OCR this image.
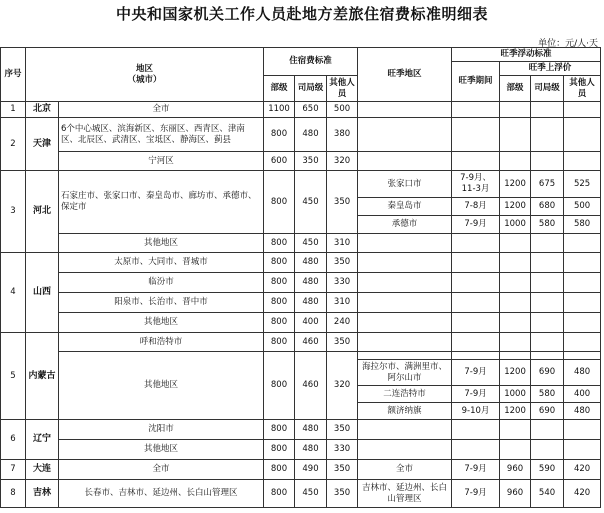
中央和国家机关工作人员赴地方差旅住宿费标准明细表
单位：元/人·天
序号	地区
（城市）		住宿费标准			旺季地区	旺季浮动标准			
							旺季期间	旺季上浮价		
			部级	司局级	其他人员			部级	司局级	其他人员
1	北京	全市	1100	650	500					
2	天津	6个中心城区、滨海新区、东丽区、西青区、津南区、北辰区、武清区、宝坻区、静海区、蓟县	800	480	380					
		宁河区	600	350	320					
3	河北	石家庄市、张家口市、秦皇岛市、廊坊市、承德市、保定市	800	450	350	张家口市	7-9月、11-3月	1200	675	525
						秦皇岛市	7-8月	1200	680	500
						承德市	7-9月	1000	580	580
		其他地区	800	450	310					
4	山西	太原市、大同市、晋城市	800	480	350					
		临汾市	800	480	330					
		阳泉市、长治市、晋中市	800	480	310					
		其他地区	800	400	240					
5	内蒙古	呼和浩特市	800	460	350					
		其他地区	800	460	320					
						海拉尔市、满洲里市、阿尔山市	7-9月	1200	690	480
						二连浩特市	7-9月	1000	580	400
						额济纳旗	9-10月	1200	690	480
6	辽宁	沈阳市	800	480	350					
		其他地区	800	480	330					
7	大连	全市	800	490	350	全市	7-9月	960	590	420
8	吉林	长春市、吉林市、延边州、长白山管理区	800	450	350	吉林市、延边州、长白山管理区	7-9月	960	540	420
